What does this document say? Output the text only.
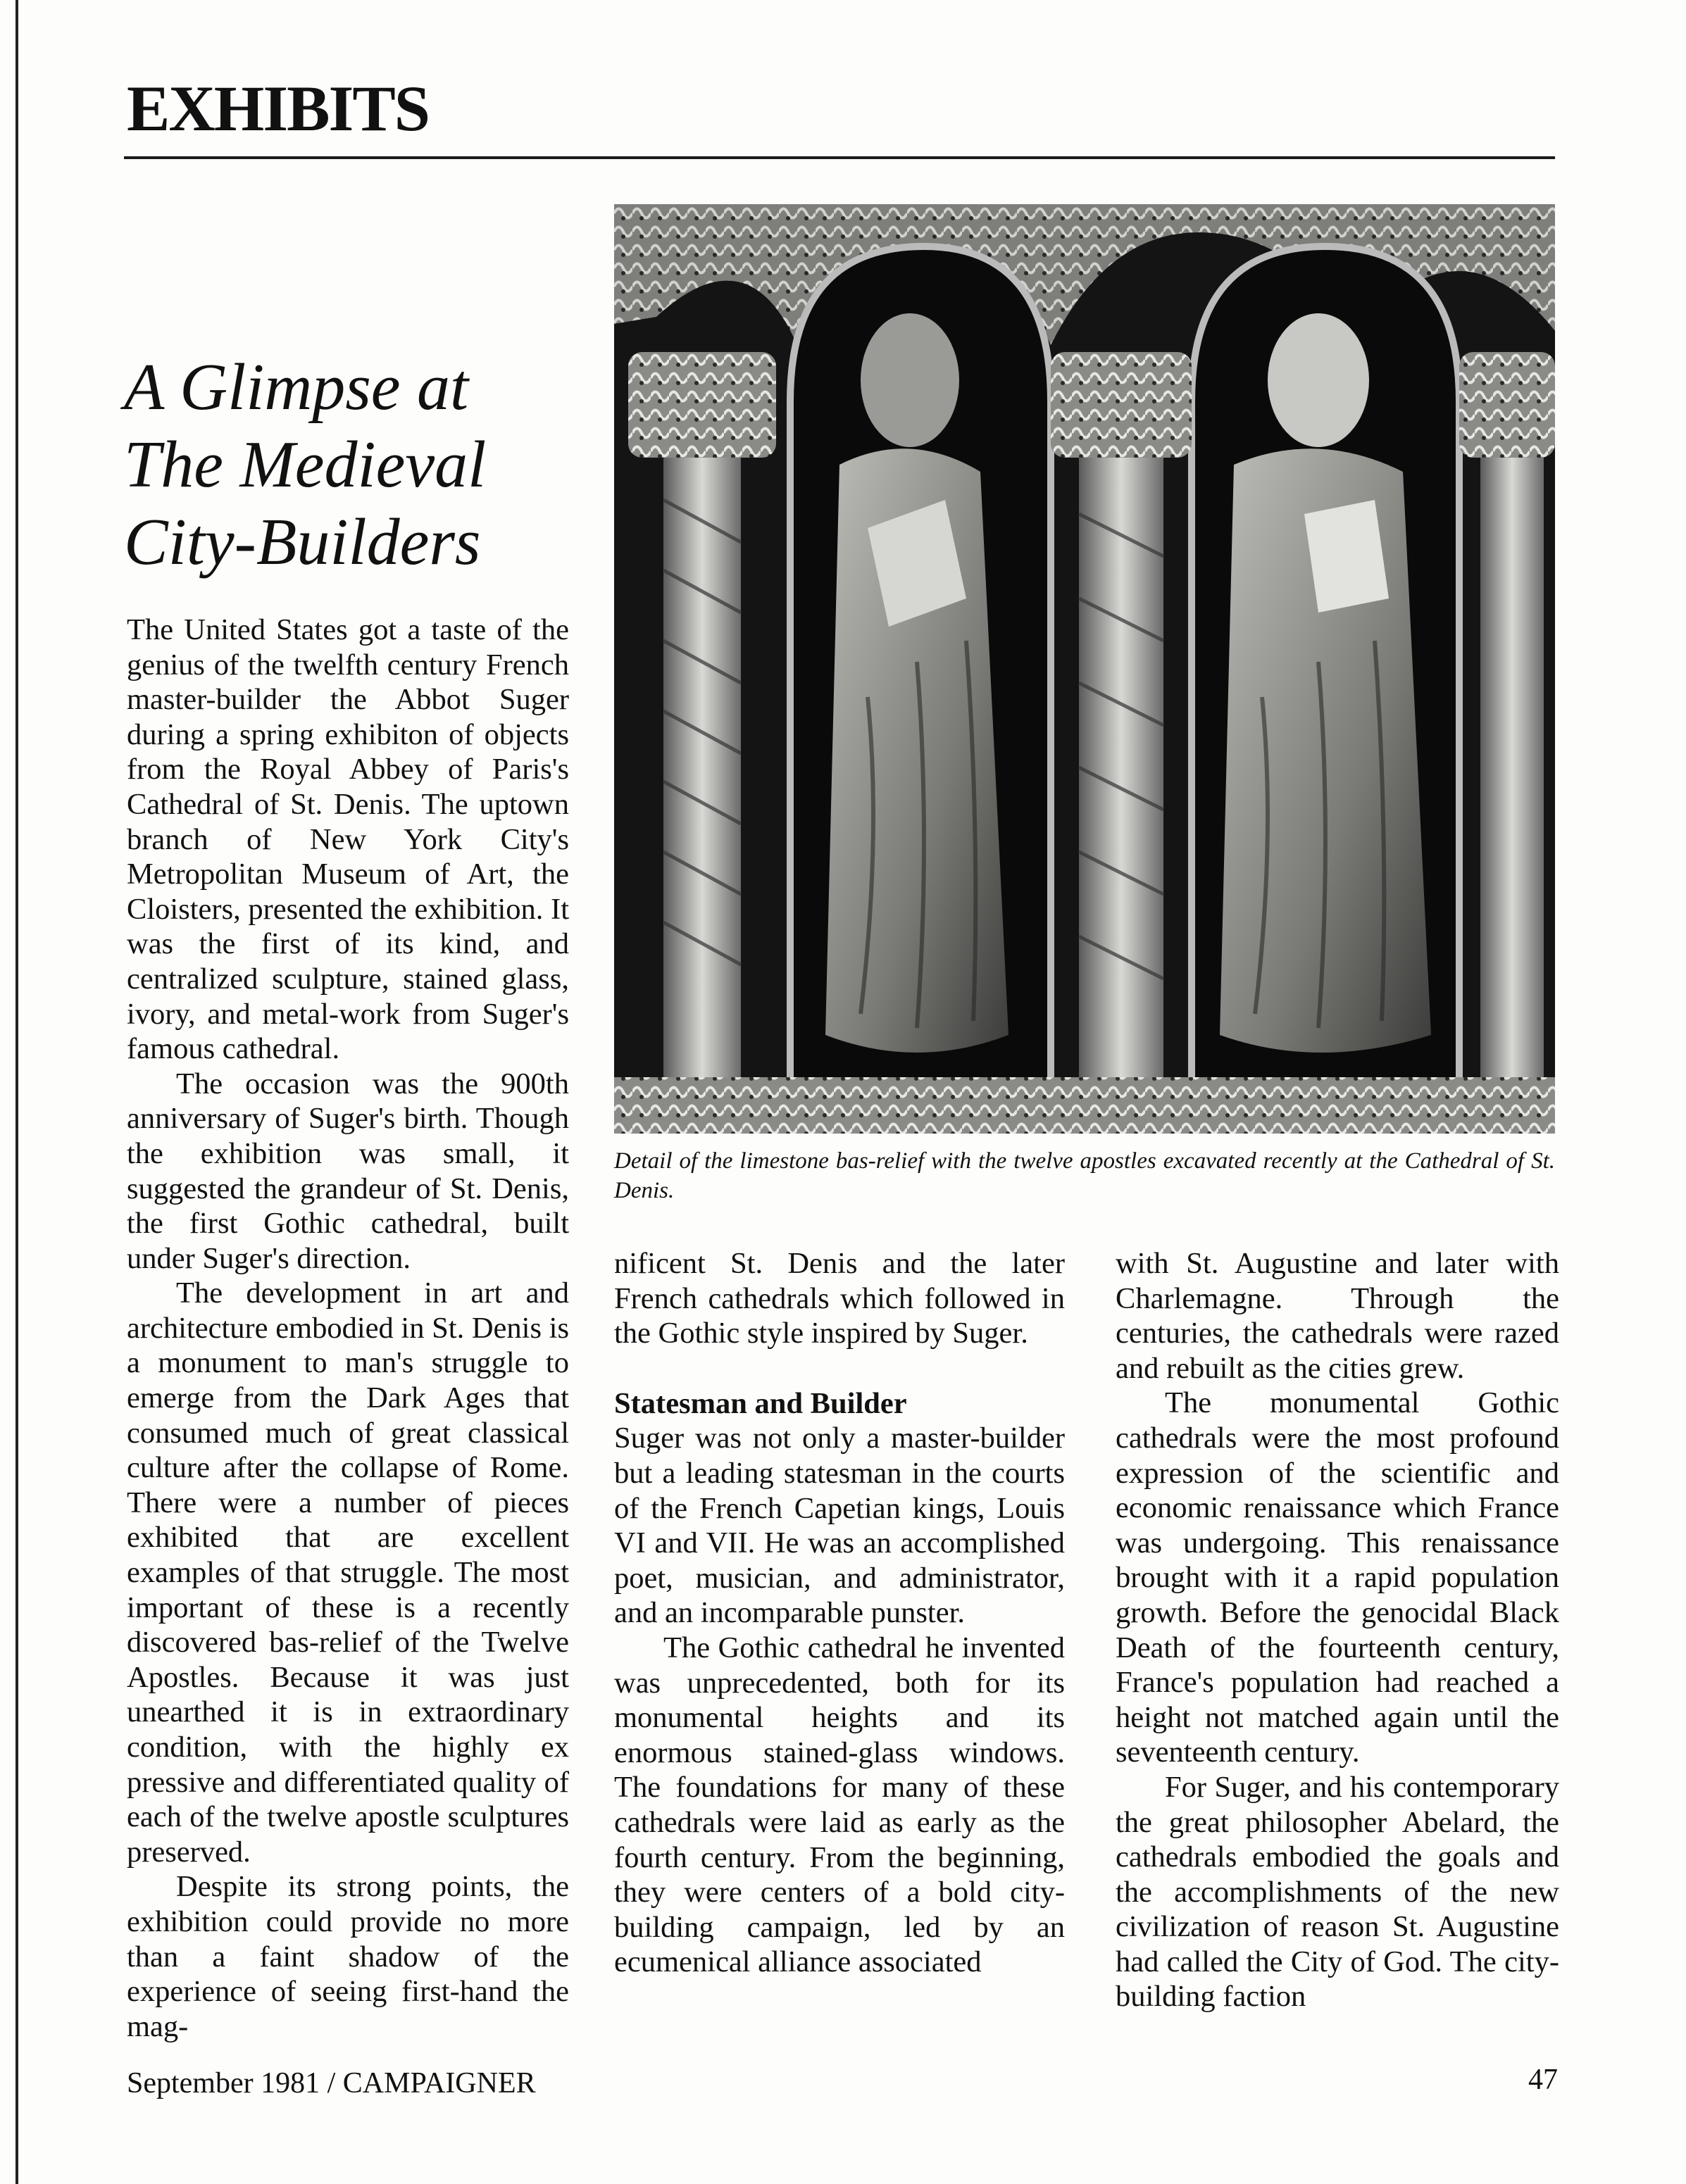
EXHIBITS
A Glimpse at
The Medieval
City-Builders

The United States got a taste of the genius of the twelfth century French master-builder the Abbot Suger during a spring exhibiton of objects from the Royal Abbey of Paris's Cathedral of St. Denis. The uptown branch of New York City's Metropolitan Museum of Art, the Cloisters, presented the exhibition. It was the first of its kind, and centralized sculpture, stained glass, ivory, and metal-work from Suger's famous cathedral.

The occasion was the 900th anniversary of Suger's birth. Though the exhibition was small, it suggested the grandeur of St. Denis, the first Gothic cathedral, built under Suger's direction.

The development in art and architecture embodied in St. Denis is a monument to man's struggle to emerge from the Dark Ages that consumed much of great classical culture after the collapse of Rome. There were a number of pieces exhibited that are excellent examples of that struggle. The most important of these is a recently discovered bas-relief of the Twelve Apostles. Because it was just unearthed it is in extraordinary condition, with the highly ex pressive and differentiated quality of each of the twelve apostle sculptures preserved.

Despite its strong points, the exhibition could provide no more than a faint shadow of the experience of seeing first-hand the mag-

Detail of the limestone bas-relief with the twelve apostles excavated recently at the Cathedral of St. Denis.

nificent St. Denis and the later French cathedrals which followed in the Gothic style inspired by Suger.

Statesman and Builder

Suger was not only a master-builder but a leading statesman in the courts of the French Capetian kings, Louis VI and VII. He was an accomplished poet, musician, and administrator, and an incomparable punster.

The Gothic cathedral he invented was unprecedented, both for its monumental heights and its enormous stained-glass windows. The foundations for many of these cathedrals were laid as early as the fourth century. From the beginning, they were centers of a bold city-building campaign, led by an ecumenical alliance associated

with St. Augustine and later with Charlemagne. Through the centuries, the cathedrals were razed and rebuilt as the cities grew.

The monumental Gothic cathedrals were the most profound expression of the scientific and economic renaissance which France was undergoing. This renaissance brought with it a rapid population growth. Before the genocidal Black Death of the fourteenth century, France's population had reached a height not matched again until the seventeenth century.

For Suger, and his contemporary the great philosopher Abelard, the cathedrals embodied the goals and the accomplishments of the new civilization of reason St. Augustine had called the City of God. The city-building faction

September 1981 / CAMPAIGNER	47
